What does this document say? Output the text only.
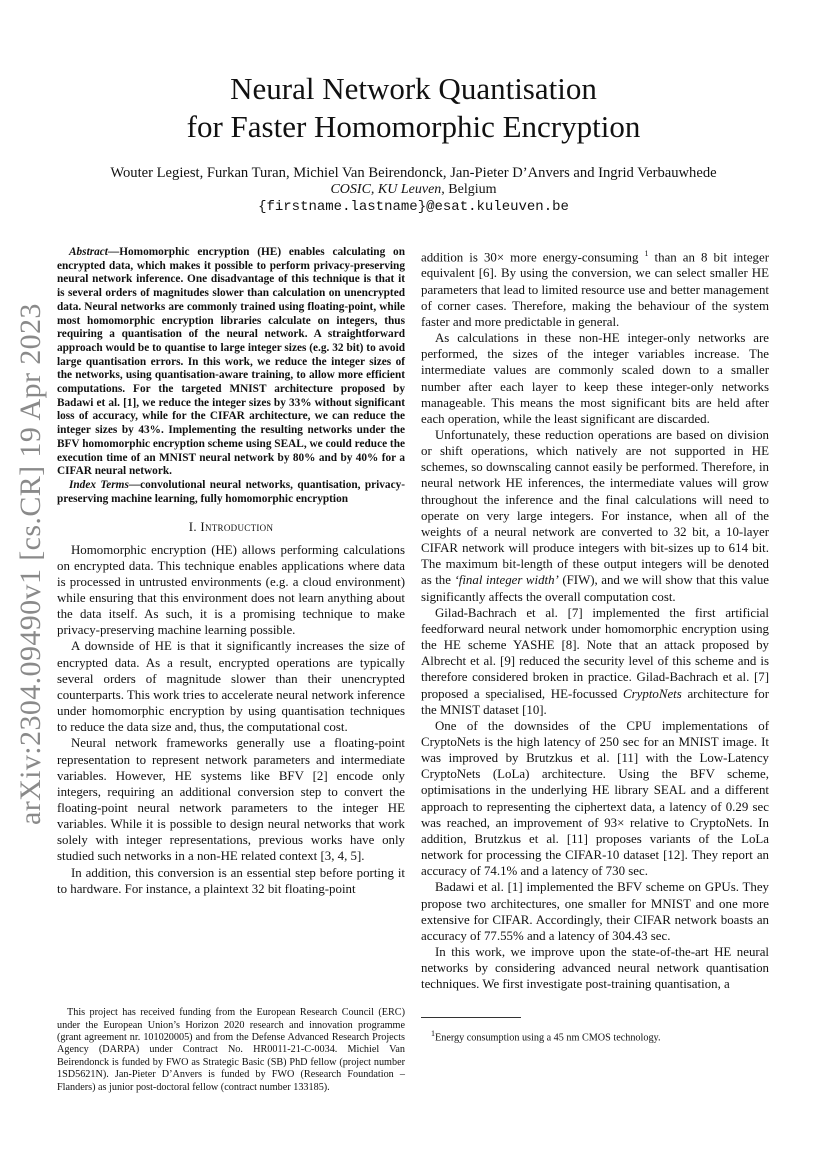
arXiv:2304.09490v1 [cs.CR] 19 Apr 2023
Neural Network Quantisation
for Faster Homomorphic Encryption
Wouter Legiest, Furkan Turan, Michiel Van Beirendonck, Jan-Pieter D’Anvers and Ingrid Verbauwhede
COSIC, KU Leuven, Belgium
{firstname.lastname}@esat.kuleuven.be

Abstract—Homomorphic encryption (HE) enables calculating on encrypted data, which makes it possible to perform privacy-preserving neural network inference. One disadvantage of this technique is that it is several orders of magnitudes slower than calculation on unencrypted data. Neural networks are commonly trained using floating-point, while most homomorphic encryption libraries calculate on integers, thus requiring a quantisation of the neural network. A straightforward approach would be to quantise to large integer sizes (e.g. 32 bit) to avoid large quantisation errors. In this work, we reduce the integer sizes of the networks, using quantisation-aware training, to allow more efficient computations. For the targeted MNIST architecture proposed by Badawi et al. [1], we reduce the integer sizes by 33% without significant loss of accuracy, while for the CIFAR architecture, we can reduce the integer sizes by 43%. Implementing the resulting networks under the BFV homomorphic encryption scheme using SEAL, we could reduce the execution time of an MNIST neural network by 80% and by 40% for a CIFAR neural network.

Index Terms—convolutional neural networks, quantisation, privacy-preserving machine learning, fully homomorphic encryption

I. Introduction

Homomorphic encryption (HE) allows performing calculations on encrypted data. This technique enables applications where data is processed in untrusted environments (e.g. a cloud environment) while ensuring that this environment does not learn anything about the data itself. As such, it is a promising technique to make privacy-preserving machine learning possible.

A downside of HE is that it significantly increases the size of encrypted data. As a result, encrypted operations are typically several orders of magnitude slower than their unencrypted counterparts. This work tries to accelerate neural network inference under homomorphic encryption by using quantisation techniques to reduce the data size and, thus, the computational cost.

Neural network frameworks generally use a floating-point representation to represent network parameters and intermediate variables. However, HE systems like BFV [2] encode only integers, requiring an additional conversion step to convert the floating-point neural network parameters to the integer HE variables. While it is possible to design neural networks that work solely with integer representations, previous works have only studied such networks in a non-HE related context [3, 4, 5].

In addition, this conversion is an essential step before porting it to hardware. For instance, a plaintext 32 bit floating-point

This project has received funding from the European Research Council (ERC) under the European Union’s Horizon 2020 research and innovation programme (grant agreement nr. 101020005) and from the Defense Advanced Research Projects Agency (DARPA) under Contract No. HR0011-21-C-0034. Michiel Van Beirendonck is funded by FWO as Strategic Basic (SB) PhD fellow (project number 1SD5621N). Jan-Pieter D’Anvers is funded by FWO (Research Foundation – Flanders) as junior post-doctoral fellow (contract number 133185).

addition is 30× more energy-consuming $^1$ than an 8 bit integer equivalent [6]. By using the conversion, we can select smaller HE parameters that lead to limited resource use and better management of corner cases. Therefore, making the behaviour of the system faster and more predictable in general.

As calculations in these non-HE integer-only networks are performed, the sizes of the integer variables increase. The intermediate values are commonly scaled down to a smaller number after each layer to keep these integer-only networks manageable. This means the most significant bits are held after each operation, while the least significant are discarded.

Unfortunately, these reduction operations are based on division or shift operations, which natively are not supported in HE schemes, so downscaling cannot easily be performed. Therefore, in neural network HE inferences, the intermediate values will grow throughout the inference and the final calculations will need to operate on very large integers. For instance, when all of the weights of a neural network are converted to 32 bit, a 10-layer CIFAR network will produce integers with bit-sizes up to 614 bit. The maximum bit-length of these output integers will be denoted as the ‘final integer width’ (FIW), and we will show that this value significantly affects the overall computation cost.

Gilad-Bachrach et al. [7] implemented the first artificial feedforward neural network under homomorphic encryption using the HE scheme YASHE [8]. Note that an attack proposed by Albrecht et al. [9] reduced the security level of this scheme and is therefore considered broken in practice. Gilad-Bachrach et al. [7] proposed a specialised, HE-focussed CryptoNets architecture for the MNIST dataset [10].

One of the downsides of the CPU implementations of CryptoNets is the high latency of 250 sec for an MNIST image. It was improved by Brutzkus et al. [11] with the Low-Latency CryptoNets (LoLa) architecture. Using the BFV scheme, optimisations in the underlying HE library SEAL and a different approach to representing the ciphertext data, a latency of 0.29 sec was reached, an improvement of 93× relative to CryptoNets. In addition, Brutzkus et al. [11] proposes variants of the LoLa network for processing the CIFAR-10 dataset [12]. They report an accuracy of 74.1% and a latency of 730 sec.

Badawi et al. [1] implemented the BFV scheme on GPUs. They propose two architectures, one smaller for MNIST and one more extensive for CIFAR. Accordingly, their CIFAR network boasts an accuracy of 77.55% and a latency of 304.43 sec.

In this work, we improve upon the state-of-the-art HE neural networks by considering advanced neural network quantisation techniques. We first investigate post-training quantisation, a

$^1$Energy consumption using a 45 nm CMOS technology.
